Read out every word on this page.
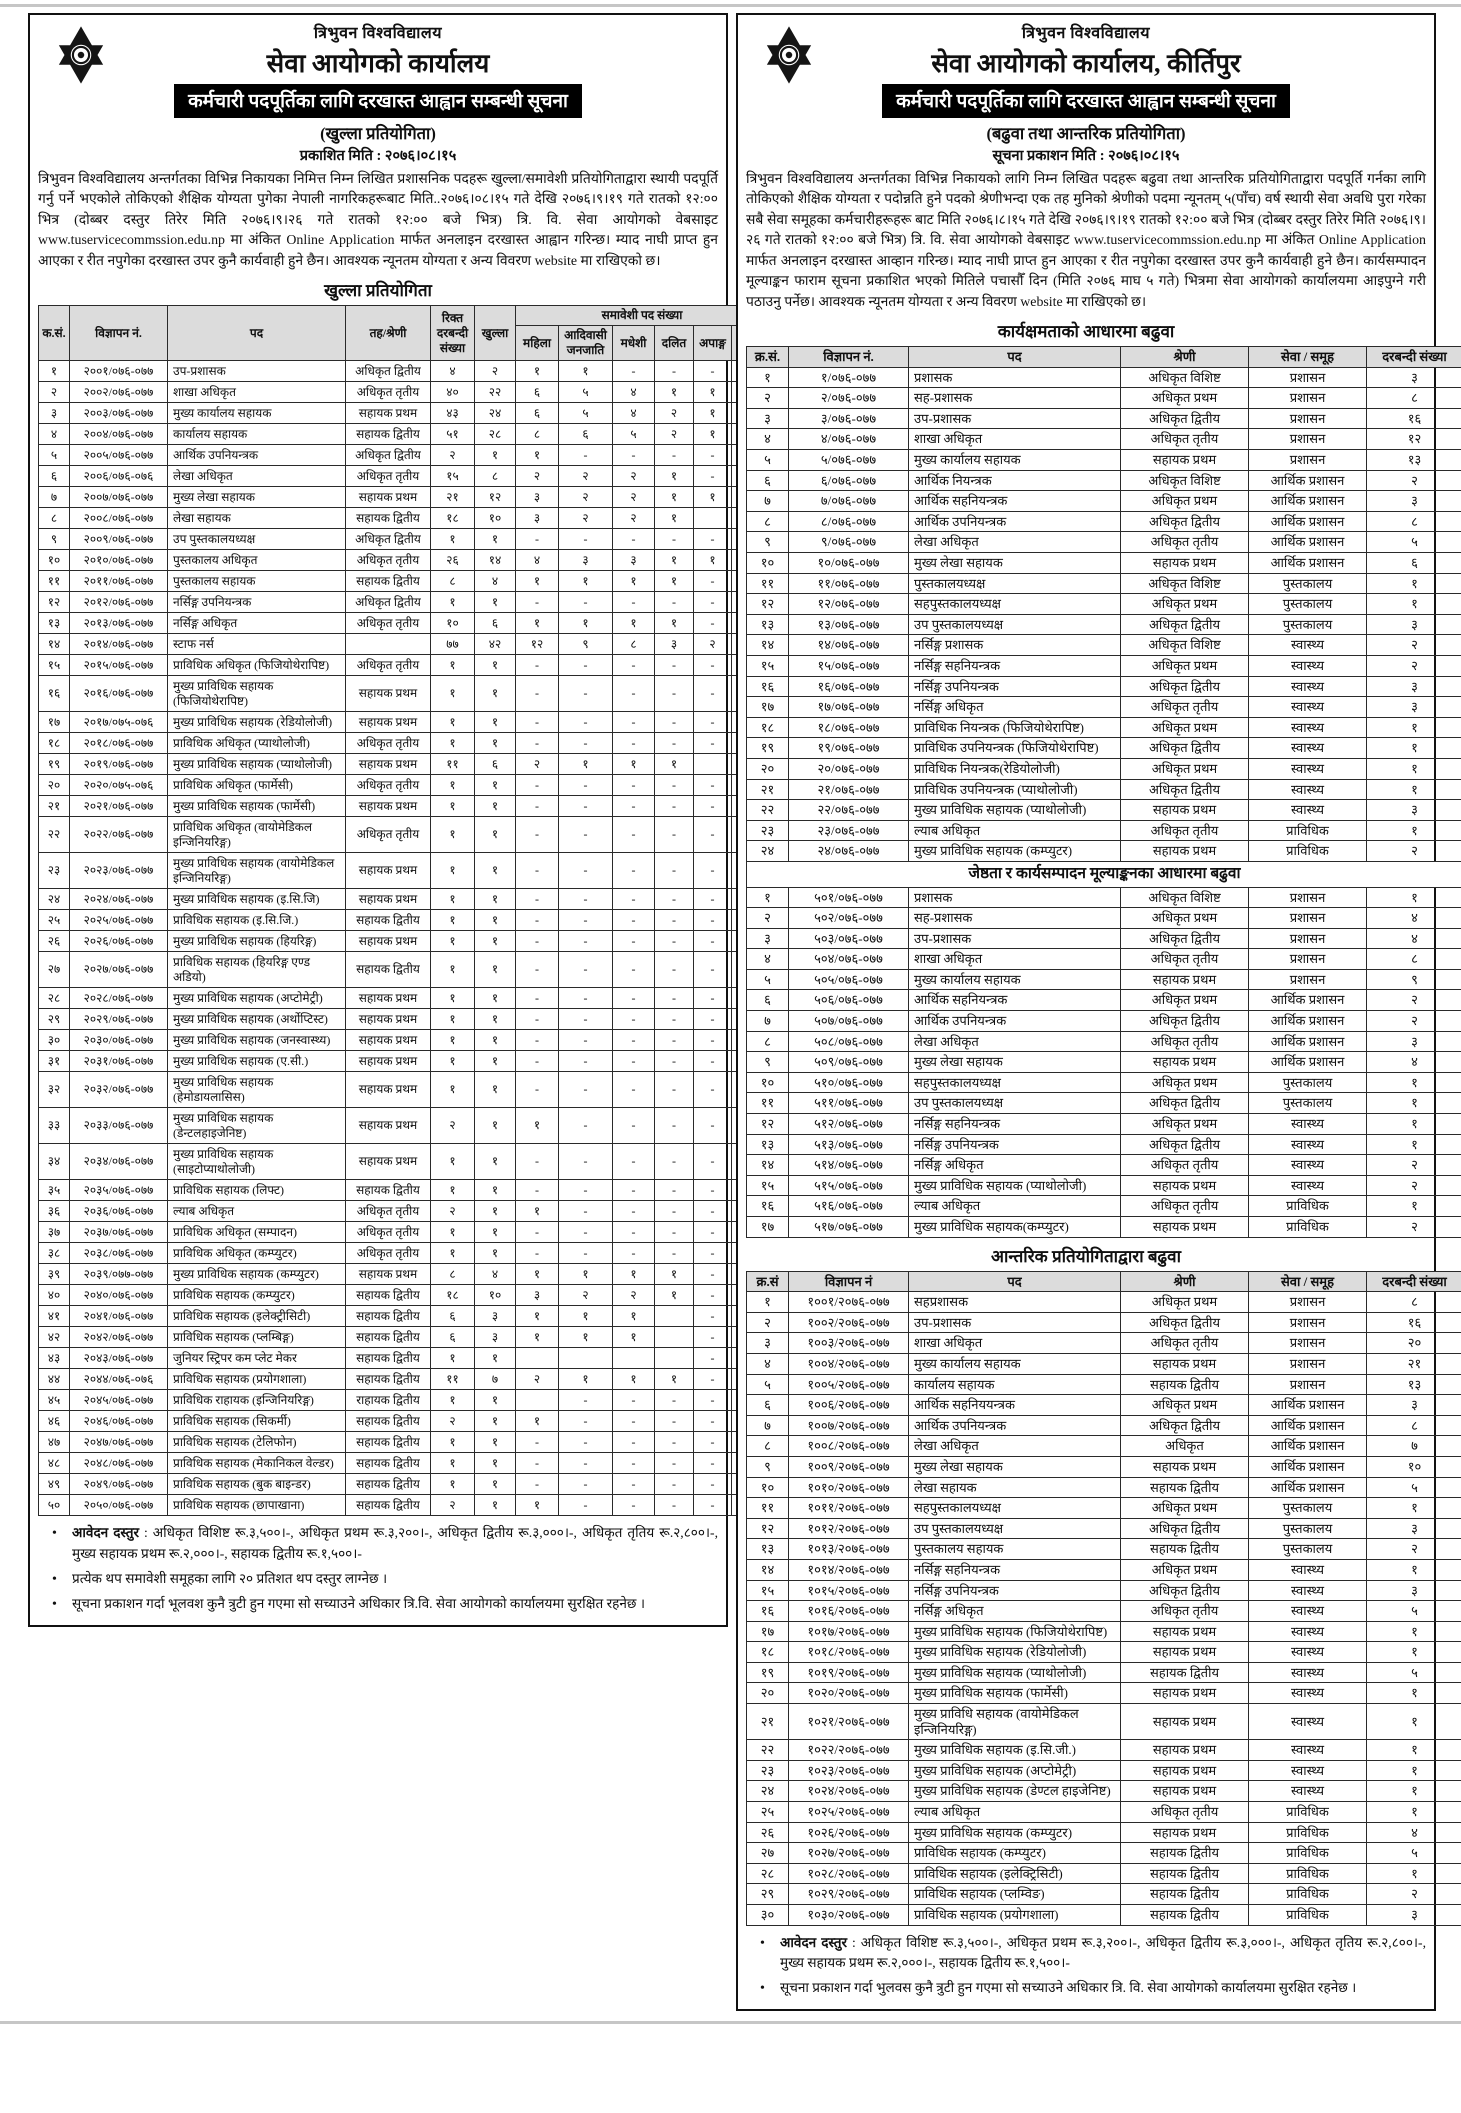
त्रिभुवन विश्वविद्यालय
सेवा आयोगको कार्यालय
कर्मचारी पदपूर्तिका लागि दरखास्त आह्वान सम्बन्धी सूचना
(खुल्ला प्रतियोगिता)
प्रकाशित मिति : २०७६।०८।१५

त्रिभुवन विश्वविद्यालय अन्तर्गतका विभिन्न निकायका निमित्त निम्न लिखित प्रशासनिक पदहरू खुल्ला/समावेशी प्रतियोगिताद्वारा स्थायी पदपूर्ति गर्नु पर्ने भएकोले तोकिएको शैक्षिक योग्यता पुगेका नेपाली नागरिकहरूबाट मिति..२०७६।०८।१५ गते देखि २०७६।९।१९ गते रातको १२:०० भित्र (दोब्बर दस्तुर तिरेर मिति २०७६।९।२६ गते रातको १२:०० बजे भित्र) त्रि. वि. सेवा आयोगको वेबसाइट www.tuservicecommssion.edu.np मा अंकित Online Application मार्फत अनलाइन दरखास्त आह्वान गरिन्छ। म्याद नाघी प्राप्त हुन आएका र रीत नपुगेका दरखास्त उपर कुनै कार्यवाही हुने छैन। आवश्यक न्यूनतम योग्यता र अन्य विवरण website मा राखिएको छ।

खुल्ला प्रतियोगिता
क.सं.	विज्ञापन नं.	पद	तह/श्रेणी	रिक्त दरबन्दी संख्या	खुल्ला	समावेशी पद संख्या					
						महिला	आदिवासी जनजाति	मधेशी	दलित	अपाङ्ग	
१	२००१/०७६-०७७	उप-प्रशासक	अधिकृत द्वितीय	४	२	१	१	-	-	-	
२	२००२/०७६-०७७	शाखा अधिकृत	अधिकृत तृतीय	४०	२२	६	५	४	१	१	
३	२००३/०७६-०७७	मुख्य कार्यालय सहायक	सहायक प्रथम	४३	२४	६	५	४	२	१	
४	२००४/०७६-०७७	कार्यालय सहायक	सहायक द्वितीय	५१	२८	८	६	५	२	१	
५	२००५/०७६-०७७	आर्थिक उपनियन्त्रक	अधिकृत द्वितीय	२	१	१	-	-	-	-	
६	२००६/०७६-०७६	लेखा अधिकृत	अधिकृत तृतीय	१५	८	२	२	२	१	-	
७	२००७/०७६-०७७	मुख्य लेखा सहायक	सहायक प्रथम	२१	१२	३	२	२	१	१	
८	२००८/०७६-०७७	लेखा सहायक	सहायक द्वितीय	१८	१०	३	२	२	१		
९	२००९/०७६-०७७	उप पुस्तकालयध्यक्ष	अधिकृत द्वितीय	१	१	-	-	-	-	-	
१०	२०१०/०७६-०७७	पुस्तकालय अधिकृत	अधिकृत तृतीय	२६	१४	४	३	३	१	१	
११	२०११/०७६-०७७	पुस्तकालय सहायक	सहायक द्वितीय	८	४	१	१	१	१	-	
१२	२०१२/०७६-०७७	नर्सिङ्ग उपनियन्त्रक	अधिकृत द्वितीय	१	१	-	-	-	-	-	
१३	२०१३/०७६-०७७	नर्सिङ्ग अधिकृत	अधिकृत तृतीय	१०	६	१	१	१	१	-	
१४	२०१४/०७६-०७७	स्टाफ नर्स		७७	४२	१२	९	८	३	२	
१५	२०१५/०७६-०७७	प्राविधिक अधिकृत (फिजियोथेरापिष्ट)	अधिकृत तृतीय	१	१	-	-	-	-	-	
१६	२०१६/०७६-०७७	मुख्य प्राविधिक सहायक (फिजियोथेरापिष्ट)	सहायक प्रथम	१	१	-	-	-	-	-	
१७	२०१७/०७५-०७६	मुख्य प्राविधिक सहायक (रेडियोलोजी)	सहायक प्रथम	१	१	-	-	-	-	-	
१८	२०१८/०७६-०७७	प्राविधिक अधिकृत (प्याथोलोजी)	अधिकृत तृतीय	१	१	-	-	-	-	-	
१९	२०१९/०७६-०७७	मुख्य प्राविधिक सहायक (प्याथोलोजी)	सहायक प्रथम	११	६	२	१	१	१		
२०	२०२०/०७५-०७६	प्राविधिक अधिकृत (फार्मेसी)	अधिकृत तृतीय	१	१	-	-	-	-	-	
२१	२०२१/०७६-०७७	मुख्य प्राविधिक सहायक (फार्मेसी)	सहायक प्रथम	१	१	-	-	-	-	-	
२२	२०२२/०७६-०७७	प्राविधिक अधिकृत (वायोमेडिकल इन्जिनियरिङ्ग)	अधिकृत तृतीय	१	१	-	-	-	-	-	
२३	२०२३/०७६-०७७	मुख्य प्राविधिक सहायक (वायोमेडिकल इन्जिनियरिङ्ग)	सहायक प्रथम	१	१	-	-	-	-	-	
२४	२०२४/०७६-०७७	मुख्य प्राविधिक सहायक (इ.सि.जि)	सहायक प्रथम	१	१	-	-	-	-	-	
२५	२०२५/०७६-०७७	प्राविधिक सहायक (इ.सि.जि.)	सहायक द्वितीय	१	१	-	-	-	-	-	
२६	२०२६/०७६-०७७	मुख्य प्राविधिक सहायक (हियरिङ्ग)	सहायक प्रथम	१	१	-	-	-	-	-	
२७	२०२७/०७६-०७७	प्राविधिक सहायक (हियरिङ्ग एण्ड अडियो)	सहायक द्वितीय	१	१	-	-	-	-	-	
२८	२०२८/०७६-०७७	मुख्य प्राविधिक सहायक (अप्टोमेट्री)	सहायक प्रथम	१	१	-	-	-	-	-	
२९	२०२९/०७६-०७७	मुख्य प्राविधिक सहायक (अर्थोप्टिस्ट)	सहायक प्रथम	१	१	-	-	-	-	-	
३०	२०३०/०७६-०७७	मुख्य प्राविधिक सहायक (जनस्वास्थ्य)	सहायक प्रथम	१	१	-	-	-	-	-	
३१	२०३१/०७६-०७७	मुख्य प्राविधिक सहायक (ए.सी.)	सहायक प्रथम	१	१	-	-	-	-	-	
३२	२०३२/०७६-०७७	मुख्य प्राविधिक सहायक (हेमोडायलासिस)	सहायक प्रथम	१	१	-	-	-	-	-	
३३	२०३३/०७६-०७७	मुख्य प्राविधिक सहायक (डेन्टलहाइजेनिष्ट)	सहायक प्रथम	२	१	१	-	-	-	-	
३४	२०३४/०७६-०७७	मुख्य प्राविधिक सहायक (साइटोप्याथोलोजी)	सहायक प्रथम	१	१	-	-	-	-	-	
३५	२०३५/०७६-०७७	प्राविधिक सहायक (लिफ्ट)	सहायक द्वितीय	१	१	-	-	-	-	-	
३६	२०३६/०७६-०७७	ल्याब अधिकृत	अधिकृत तृतीय	२	१	१	-	-	-	-	
३७	२०३७/०७६-०७७	प्राविधिक अधिकृत (सम्पादन)	अधिकृत तृतीय	१	१	-	-	-	-	-	
३८	२०३८/०७६-०७७	प्राविधिक अधिकृत (कम्प्युटर)	अधिकृत तृतीय	१	१	-	-	-	-	-	
३९	२०३९/०७७-०७७	मुख्य प्राविधिक सहायक (कम्प्युटर)	सहायक प्रथम	८	४	१	१	१	१	-	
४०	२०४०/०७६-०७७	प्राविधिक सहायक (कम्प्युटर)	सहायक द्वितीय	१८	१०	३	२	२	१	-	
४१	२०४१/०७६-०७७	प्राविधिक सहायक (इलेक्ट्रीसिटी)	सहायक द्वितीय	६	३	१	१	१		-	
४२	२०४२/०७६-०७७	प्राविधिक सहायक (प्लम्बिङ्ग)	सहायक द्वितीय	६	३	१	१	१		-	
४३	२०४३/०७६-०७७	जुनियर स्ट्रिपर कम प्लेट मेकर	सहायक द्वितीय	१	१					-	
४४	२०४४/०७६-०७६	प्राविधिक सहायक (प्रयोगशाला)	सहायक द्वितीय	११	७	२	१	१	१	-	
४५	२०४५/०७६-०७७	प्राविधिक राहायक (इन्जिनियरिङ्ग)	राहायक द्वितीय	१	१		-	-	-	-	
४६	२०४६/०७६-०७७	प्राविधिक सहायक (सिकर्मी)	सहायक द्वितीय	२	१	१	-	-	-	-	
४७	२०४७/०७६-०७७	प्राविधिक सहायक (टेलिफोन)	सहायक द्वितीय	१	१	-	-	-	-	-	
४८	२०४८/०७६-०७७	प्राविधिक सहायक (मेकानिकल वेल्डर)	सहायक द्वितीय	१	१	-	-	-	-	-	
४९	२०४९/०७६-०७७	प्राविधिक सहायक (बुक बाइन्डर)	सहायक द्वितीय	१	१	-	-	-	-	-	
५०	२०५०/०७६-०७७	प्राविधिक सहायक (छापाखाना)	सहायक द्वितीय	२	१	१	-	-	-	-	
• आवेदन दस्तुर : अधिकृत विशिष्ट रू.३,५००।-, अधिकृत प्रथम रू.३,२००।-, अधिकृत द्वितीय रू.३,०००।-, अधिकृत तृतिय रू.२,८००।-, मुख्य सहायक प्रथम रू.२,०००।-, सहायक द्वितीय रू.१,५००।-
• प्रत्येक थप समावेशी समूहका लागि २० प्रतिशत थप दस्तुर लाग्नेछ ।
• सूचना प्रकाशन गर्दा भूलवश कुनै त्रुटी हुन गएमा सो सच्याउने अधिकार त्रि.वि. सेवा आयोगको कार्यालयमा सुरक्षित रहनेछ ।
त्रिभुवन विश्वविद्यालय
सेवा आयोगको कार्यालय, कीर्तिपुर
कर्मचारी पदपूर्तिका लागि दरखास्त आह्वान सम्बन्धी सूचना
(बढुवा तथा आन्तरिक प्रतियोगिता)
सूचना प्रकाशन मिति : २०७६।०८।१५

त्रिभुवन विश्वविद्यालय अन्तर्गतका विभिन्न निकायको लागि निम्न लिखित पदहरू बढुवा तथा आन्तरिक प्रतियोगिताद्वारा पदपूर्ति गर्नका लागि तोकिएको शैक्षिक योग्यता र पदोन्नति हुने पदको श्रेणीभन्दा एक तह मुनिको श्रेणीको पदमा न्यूनतम् ५(पाँच) वर्ष स्थायी सेवा अवधि पुरा गरेका सबै सेवा समूहका कर्मचारीहरूहरू बाट मिति २०७६।८।१५ गते देखि २०७६।९।१९ रातको १२:०० बजे भित्र (दोब्बर दस्तुर तिरेर मिति २०७६।९।२६ गते रातको १२:०० बजे भित्र) त्रि. वि. सेवा आयोगको वेबसाइट www.tuservicecommssion.edu.np मा अंकित Online Application मार्फत अनलाइन दरखास्त आव्हान गरिन्छ। म्याद नाघी प्राप्त हुन आएका र रीत नपुगेका दरखास्त उपर कुनै कार्यवाही हुने छैन। कार्यसम्पादन मूल्याङ्कन फाराम सूचना प्रकाशित भएको मितिले पचासौँ दिन (मिति २०७६ माघ ५ गते) भित्रमा सेवा आयोगको कार्यालयमा आइपुग्ने गरी पठाउनु पर्नेछ। आवश्यक न्यूनतम योग्यता र अन्य विवरण website मा राखिएको छ।

कार्यक्षमताको आधारमा बढुवा
क्र.सं.	विज्ञापन नं.	पद	श्रेणी	सेवा / समूह	दरबन्दी संख्या
१	१/०७६-०७७	प्रशासक	अधिकृत विशिष्ट	प्रशासन	३
२	२/०७६-०७७	सह-प्रशासक	अधिकृत प्रथम	प्रशासन	८
३	३/०७६-०७७	उप-प्रशासक	अधिकृत द्वितीय	प्रशासन	१६
४	४/०७६-०७७	शाखा अधिकृत	अधिकृत तृतीय	प्रशासन	१२
५	५/०७६-०७७	मुख्य कार्यालय सहायक	सहायक प्रथम	प्रशासन	१३
६	६/०७६-०७७	आर्थिक नियन्त्रक	अधिकृत विशिष्ट	आर्थिक प्रशासन	२
७	७/०७६-०७७	आर्थिक सहनियन्त्रक	अधिकृत प्रथम	आर्थिक प्रशासन	३
८	८/०७६-०७७	आर्थिक उपनियन्त्रक	अधिकृत द्वितीय	आर्थिक प्रशासन	८
९	९/०७६-०७७	लेखा अधिकृत	अधिकृत तृतीय	आर्थिक प्रशासन	५
१०	१०/०७६-०७७	मुख्य लेखा सहायक	सहायक प्रथम	आर्थिक प्रशासन	६
११	११/०७६-०७७	पुस्तकालयध्यक्ष	अधिकृत विशिष्ट	पुस्तकालय	१
१२	१२/०७६-०७७	सहपुस्तकालयध्यक्ष	अधिकृत प्रथम	पुस्तकालय	१
१३	१३/०७६-०७७	उप पुस्तकालयध्यक्ष	अधिकृत द्वितीय	पुस्तकालय	३
१४	१४/०७६-०७७	नर्सिङ्ग प्रशासक	अधिकृत विशिष्ट	स्वास्थ्य	२
१५	१५/०७६-०७७	नर्सिङ्ग सहनियन्त्रक	अधिकृत प्रथम	स्वास्थ्य	२
१६	१६/०७६-०७७	नर्सिङ्ग उपनियन्त्रक	अधिकृत द्वितीय	स्वास्थ्य	३
१७	१७/०७६-०७७	नर्सिङ्ग अधिकृत	अधिकृत तृतीय	स्वास्थ्य	३
१८	१८/०७६-०७७	प्राविधिक नियन्त्रक (फिजियोथेरापिष्ट)	अधिकृत प्रथम	स्वास्थ्य	१
१९	१९/०७६-०७७	प्राविधिक उपनियन्त्रक (फिजियोथेरापिष्ट)	अधिकृत द्वितीय	स्वास्थ्य	१
२०	२०/०७६-०७७	प्राविधिक नियन्त्रक(रेडियोलोजी)	अधिकृत प्रथम	स्वास्थ्य	१
२१	२१/०७६-०७७	प्राविधिक उपनियन्त्रक (प्याथोलोजी)	अधिकृत द्वितीय	स्वास्थ्य	१
२२	२२/०७६-०७७	मुख्य प्राविधिक सहायक (प्याथोलोजी)	सहायक प्रथम	स्वास्थ्य	३
२३	२३/०७६-०७७	ल्याब अधिकृत	अधिकृत तृतीय	प्राविधिक	१
२४	२४/०७६-०७७	मुख्य प्राविधिक सहायक (कम्प्युटर)	सहायक प्रथम	प्राविधिक	२
जेष्ठता र कार्यसम्पादन मूल्याङ्कनका आधारमा बढुवा					
१	५०१/०७६-०७७	प्रशासक	अधिकृत विशिष्ट	प्रशासन	१
२	५०२/०७६-०७७	सह-प्रशासक	अधिकृत प्रथम	प्रशासन	४
३	५०३/०७६-०७७	उप-प्रशासक	अधिकृत द्वितीय	प्रशासन	४
४	५०४/०७६-०७७	शाखा अधिकृत	अधिकृत तृतीय	प्रशासन	८
५	५०५/०७६-०७७	मुख्य कार्यालय सहायक	सहायक प्रथम	प्रशासन	९
६	५०६/०७६-०७७	आर्थिक सहनियन्त्रक	अधिकृत प्रथम	आर्थिक प्रशासन	२
७	५०७/०७६-०७७	आर्थिक उपनियन्त्रक	अधिकृत द्वितीय	आर्थिक प्रशासन	२
८	५०८/०७६-०७७	लेखा अधिकृत	अधिकृत तृतीय	आर्थिक प्रशासन	३
९	५०९/०७६-०७७	मुख्य लेखा सहायक	सहायक प्रथम	आर्थिक प्रशासन	४
१०	५१०/०७६-०७७	सहपुस्तकालयध्यक्ष	अधिकृत प्रथम	पुस्तकालय	१
११	५११/०७६-०७७	उप पुस्तकालयध्यक्ष	अधिकृत द्वितीय	पुस्तकालय	१
१२	५१२/०७६-०७७	नर्सिङ्ग सहनियन्त्रक	अधिकृत प्रथम	स्वास्थ्य	१
१३	५१३/०७६-०७७	नर्सिङ्ग उपनियन्त्रक	अधिकृत द्वितीय	स्वास्थ्य	१
१४	५१४/०७६-०७७	नर्सिङ्ग अधिकृत	अधिकृत तृतीय	स्वास्थ्य	२
१५	५१५/०७६-०७७	मुख्य प्राविधिक सहायक (प्याथोलोजी)	सहायक प्रथम	स्वास्थ्य	२
१६	५१६/०७६-०७७	ल्याब अधिकृत	अधिकृत तृतीय	प्राविधिक	१
१७	५१७/०७६-०७७	मुख्य प्राविधिक सहायक(कम्प्युटर)	सहायक प्रथम	प्राविधिक	२
आन्तरिक प्रतियोगिताद्वारा बढुवा
क्र.सं	विज्ञापन नं	पद	श्रेणी	सेवा / समूह	दरबन्दी संख्या
१	१००१/२०७६-०७७	सहप्रशासक	अधिकृत प्रथम	प्रशासन	८
२	१००२/२०७६-०७७	उप-प्रशासक	अधिकृत द्वितीय	प्रशासन	१६
३	१००३/२०७६-०७७	शाखा अधिकृत	अधिकृत तृतीय	प्रशासन	२०
४	१००४/२०७६-०७७	मुख्य कार्यालय सहायक	सहायक प्रथम	प्रशासन	२१
५	१००५/२०७६-०७७	कार्यालय सहायक	सहायक द्वितीय	प्रशासन	१३
६	१००६/२०७६-०७७	आर्थिक सहनिययन्त्रक	अधिकृत प्रथम	आर्थिक प्रशासन	३
७	१००७/२०७६-०७७	आर्थिक उपनियन्त्रक	अधिकृत द्वितीय	आर्थिक प्रशासन	८
८	१००८/२०७६-०७७	लेखा अधिकृत	अधिकृत	आर्थिक प्रशासन	७
९	१००९/२०७६-०७७	मुख्य लेखा सहायक	सहायक प्रथम	आर्थिक प्रशासन	१०
१०	१०१०/२०७६-०७७	लेखा सहायक	सहायक द्वितीय	आर्थिक प्रशासन	५
११	१०११/२०७६-०७७	सहपुस्तकालयध्यक्ष	अधिकृत प्रथम	पुस्तकालय	१
१२	१०१२/२०७६-०७७	उप पुस्तकालयध्यक्ष	अधिकृत द्वितीय	पुस्तकालय	३
१३	१०१३/२०७६-०७७	पुस्तकालय सहायक	सहायक द्वितीय	पुस्तकालय	२
१४	१०१४/२०७६-०७७	नर्सिङ्ग सहनियन्त्रक	अधिकृत प्रथम	स्वास्थ्य	१
१५	१०१५/२०७६-०७७	नर्सिङ्ग उपनियन्त्रक	अधिकृत द्वितीय	स्वास्थ्य	३
१६	१०१६/२०७६-०७७	नर्सिङ्ग अधिकृत	अधिकृत तृतीय	स्वास्थ्य	५
१७	१०१७/२०७६-०७७	मुख्य प्राविधिक सहायक (फिजियोथेरापिष्ट)	सहायक प्रथम	स्वास्थ्य	१
१८	१०१८/२०७६-०७७	मुख्य प्राविधिक सहायक (रेडियोलोजी)	सहायक प्रथम	स्वास्थ्य	१
१९	१०१९/२०७६-०७७	मुख्य प्राविधिक सहायक (प्याथोलोजी)	सहायक द्वितीय	स्वास्थ्य	५
२०	१०२०/२०७६-०७७	मुख्य प्राविधिक सहायक (फार्मेसी)	सहायक प्रथम	स्वास्थ्य	१
२१	१०२१/२०७६-०७७	मुख्य प्राविधि सहायक (वायोमेडिकल इन्जिनियरिङ्ग)	सहायक प्रथम	स्वास्थ्य	१
२२	१०२२/२०७६-०७७	मुख्य प्राविधिक सहायक (इ.सि.जी.)	सहायक प्रथम	स्वास्थ्य	१
२३	१०२३/२०७६-०७७	मुख्य प्राविधिक सहायक (अप्टोमेट्री)	सहायक प्रथम	स्वास्थ्य	१
२४	१०२४/२०७६-०७७	मुख्य प्राविधिक सहायक (डेण्टल हाइजेनिष्ट)	सहायक प्रथम	स्वास्थ्य	१
२५	१०२५/२०७६-०७७	ल्याब अधिकृत	अधिकृत तृतीय	प्राविधिक	१
२६	१०२६/२०७६-०७७	मुख्य प्राविधिक सहायक (कम्प्युटर)	सहायक प्रथम	प्राविधिक	४
२७	१०२७/२०७६-०७७	प्राविधिक सहायक (कम्प्युटर)	सहायक द्वितीय	प्राविधिक	५
२८	१०२८/२०७६-०७७	प्राविधिक सहायक (इलेक्ट्रिसिटी)	सहायक द्वितीय	प्राविधिक	१
२९	१०२९/२०७६-०७७	प्राविधिक सहायक (प्लम्विङ)	सहायक द्वितीय	प्राविधिक	२
३०	१०३०/२०७६-०७७	प्राविधिक सहायक (प्रयोगशाला)	सहायक द्वितीय	प्राविधिक	३
• आवेदन दस्तुर : अधिकृत विशिष्ट रू.३,५००।-, अधिकृत प्रथम रू.३,२००।-, अधिकृत द्वितीय रू.३,०००।-, अधिकृत तृतिय रू.२,८००।-, मुख्य सहायक प्रथम रू.२,०००।-, सहायक द्वितीय रू.१,५००।-
• सूचना प्रकाशन गर्दा भुलवस कुनै त्रुटी हुन गएमा सो सच्याउने अधिकार त्रि. वि. सेवा आयोगको कार्यालयमा सुरक्षित रहनेछ ।
